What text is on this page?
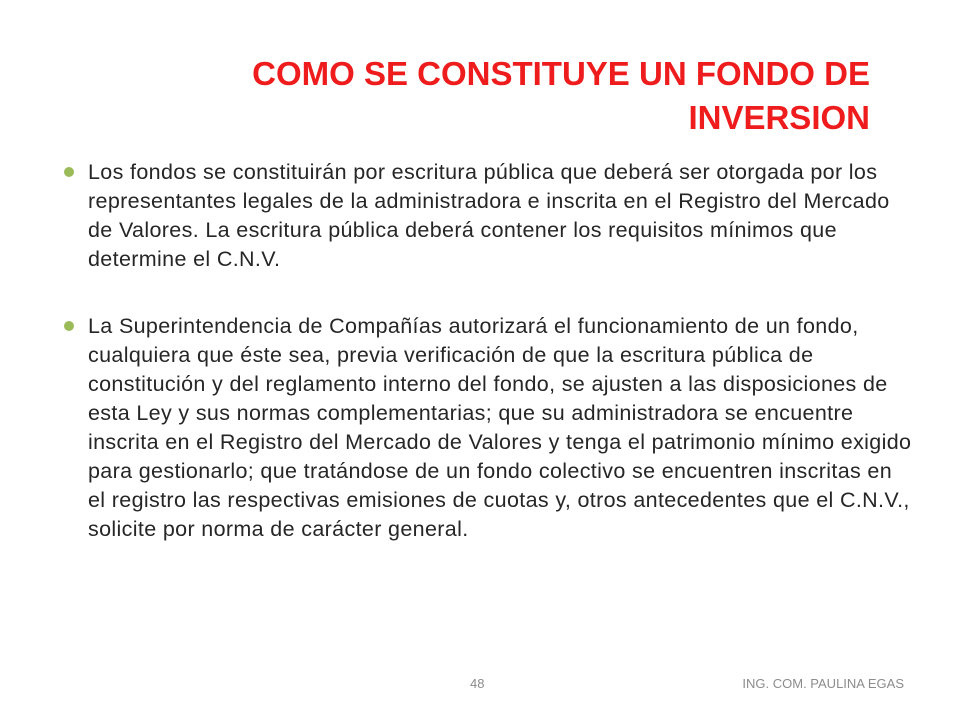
COMO SE CONSTITUYE UN FONDO DE
INVERSION
Los fondos se constituirán por escritura pública que deberá ser otorgada por los representantes legales de la administradora e inscrita en el Registro del Mercado de Valores. La escritura pública deberá contener los requisitos mínimos que determine el C.N.V.
La Superintendencia de Compañías autorizará el funcionamiento de un fondo, cualquiera que éste sea, previa verificación de que la escritura pública de constitución y del reglamento interno del fondo, se ajusten a las disposiciones de esta Ley y sus normas complementarias; que su administradora se encuentre inscrita en el Registro del Mercado de Valores y tenga el patrimonio mínimo exigido para gestionarlo; que tratándose de un fondo colectivo se encuentren inscritas en el registro las respectivas emisiones de cuotas y, otros antecedentes que el C.N.V., solicite por norma de carácter general.
48	ING. COM. PAULINA EGAS
